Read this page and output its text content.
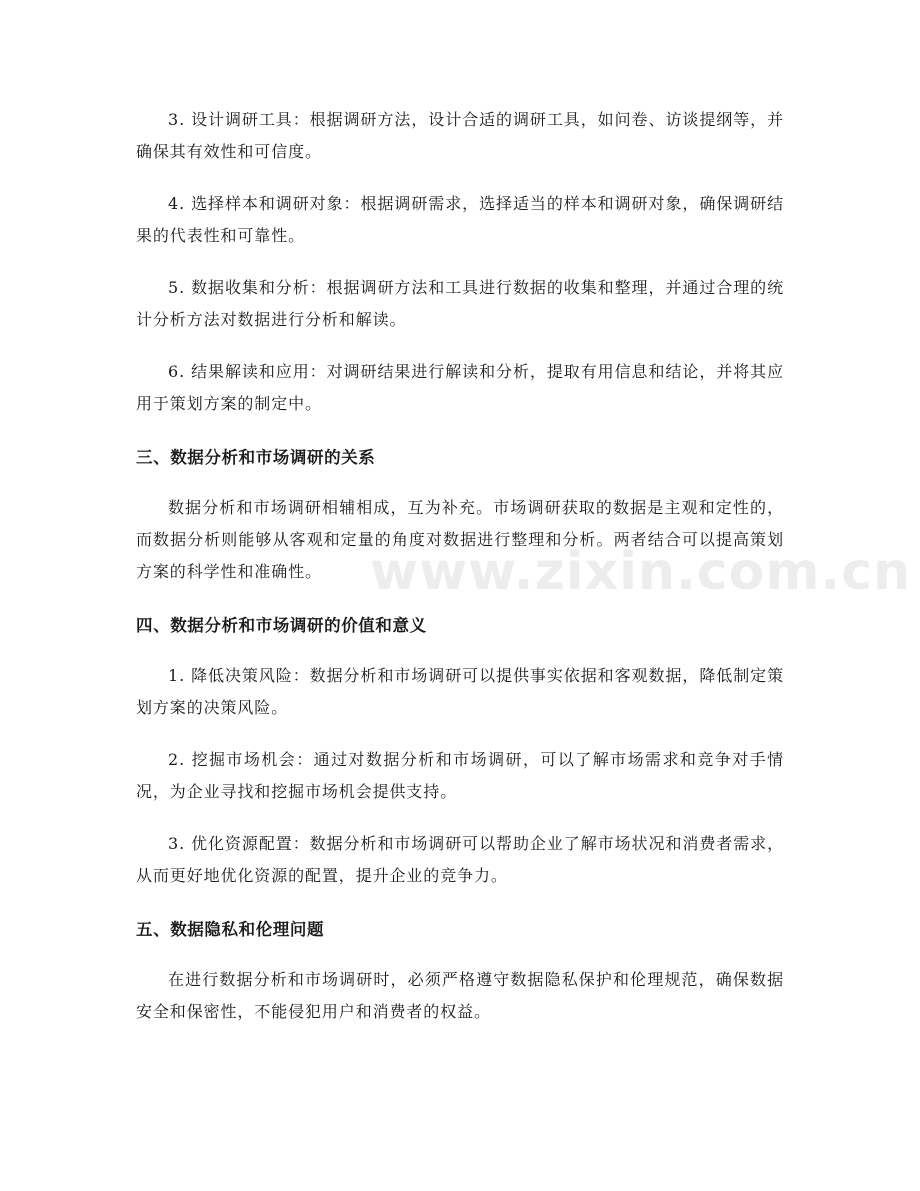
3. 设计调研工具：根据调研方法，设计合适的调研工具，如问卷、访谈提纲等，并确保其有效性和可信度。

4. 选择样本和调研对象：根据调研需求，选择适当的样本和调研对象，确保调研结果的代表性和可靠性。

5. 数据收集和分析：根据调研方法和工具进行数据的收集和整理，并通过合理的统计分析方法对数据进行分析和解读。

6. 结果解读和应用：对调研结果进行解读和分析，提取有用信息和结论，并将其应用于策划方案的制定中。

三、数据分析和市场调研的关系

数据分析和市场调研相辅相成，互为补充。市场调研获取的数据是主观和定性的，而数据分析则能够从客观和定量的角度对数据进行整理和分析。两者结合可以提高策划方案的科学性和准确性。

四、数据分析和市场调研的价值和意义

1. 降低决策风险：数据分析和市场调研可以提供事实依据和客观数据，降低制定策划方案的决策风险。

2. 挖掘市场机会：通过对数据分析和市场调研，可以了解市场需求和竞争对手情况，为企业寻找和挖掘市场机会提供支持。

3. 优化资源配置：数据分析和市场调研可以帮助企业了解市场状况和消费者需求，从而更好地优化资源的配置，提升企业的竞争力。

五、数据隐私和伦理问题

在进行数据分析和市场调研时，必须严格遵守数据隐私保护和伦理规范，确保数据安全和保密性，不能侵犯用户和消费者的权益。

www.zixin.com.cn
